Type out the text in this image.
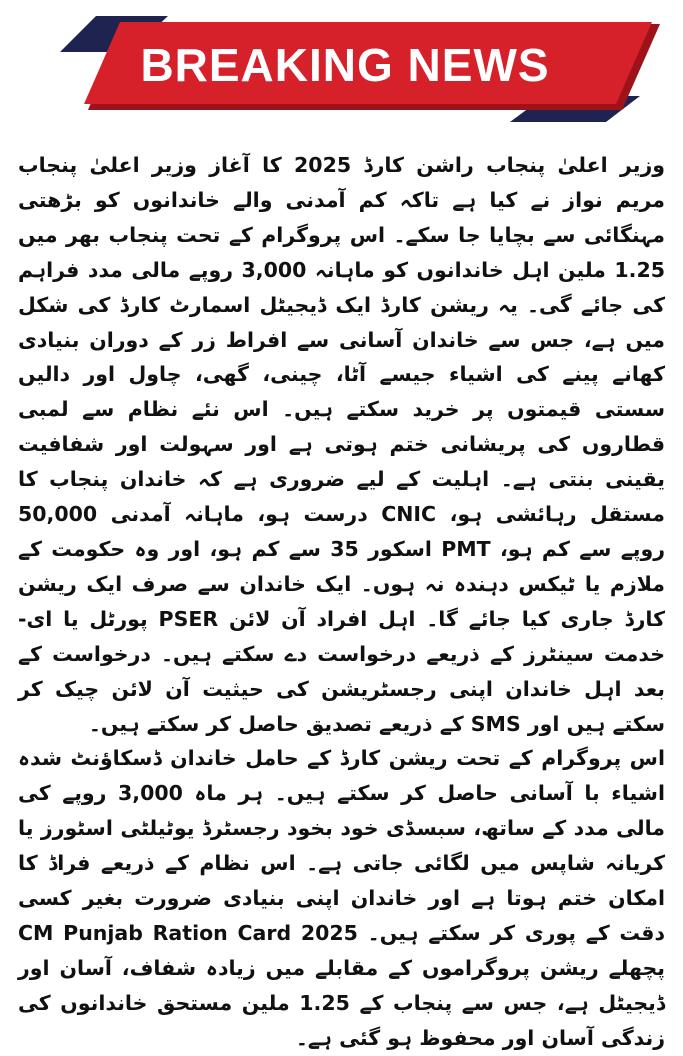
BREAKING NEWS

وزیر اعلیٰ پنجاب راشن کارڈ 2025 کا آغاز وزیر اعلیٰ پنجاب مریم نواز نے کیا ہے تاکہ کم آمدنی والے خاندانوں کو بڑھتی مہنگائی سے بچایا جا سکے۔ اس پروگرام کے تحت پنجاب بھر میں 1.25 ملین اہل خاندانوں کو ماہانہ 3,000 روپے مالی مدد فراہم کی جائے گی۔ یہ ریشن کارڈ ایک ڈیجیٹل اسمارٹ کارڈ کی شکل میں ہے، جس سے خاندان آسانی سے افراط زر کے دوران بنیادی کھانے پینے کی اشیاء جیسے آٹا، چینی، گھی، چاول اور دالیں سستی قیمتوں پر خرید سکتے ہیں۔ اس نئے نظام سے لمبی قطاروں کی پریشانی ختم ہوتی ہے اور سہولت اور شفافیت یقینی بنتی ہے۔ اہلیت کے لیے ضروری ہے کہ خاندان پنجاب کا مستقل رہائشی ہو، CNIC درست ہو، ماہانہ آمدنی 50,000 روپے سے کم ہو، PMT اسکور 35 سے کم ہو، اور وہ حکومت کے ملازم یا ٹیکس دہندہ نہ ہوں۔ ایک خاندان سے صرف ایک ریشن کارڈ جاری کیا جائے گا۔ اہل افراد آن لائن PSER پورٹل یا ای-خدمت سینٹرز کے ذریعے درخواست دے سکتے ہیں۔ درخواست کے بعد اہل خاندان اپنی رجسٹریشن کی حیثیت آن لائن چیک کر سکتے ہیں اور SMS کے ذریعے تصدیق حاصل کر سکتے ہیں۔

اس پروگرام کے تحت ریشن کارڈ کے حامل خاندان ڈسکاؤنٹ شدہ اشیاء با آسانی حاصل کر سکتے ہیں۔ ہر ماہ 3,000 روپے کی مالی مدد کے ساتھ، سبسڈی خود بخود رجسٹرڈ یوٹیلٹی اسٹورز یا کریانہ شاپس میں لگائی جاتی ہے۔ اس نظام کے ذریعے فراڈ کا امکان ختم ہوتا ہے اور خاندان اپنی بنیادی ضرورت بغیر کسی دقت کے پوری کر سکتے ہیں۔ CM Punjab Ration Card 2025 پچھلے ریشن پروگراموں کے مقابلے میں زیادہ شفاف، آسان اور ڈیجیٹل ہے، جس سے پنجاب کے 1.25 ملین مستحق خاندانوں کی زندگی آسان اور محفوظ ہو گئی ہے۔
